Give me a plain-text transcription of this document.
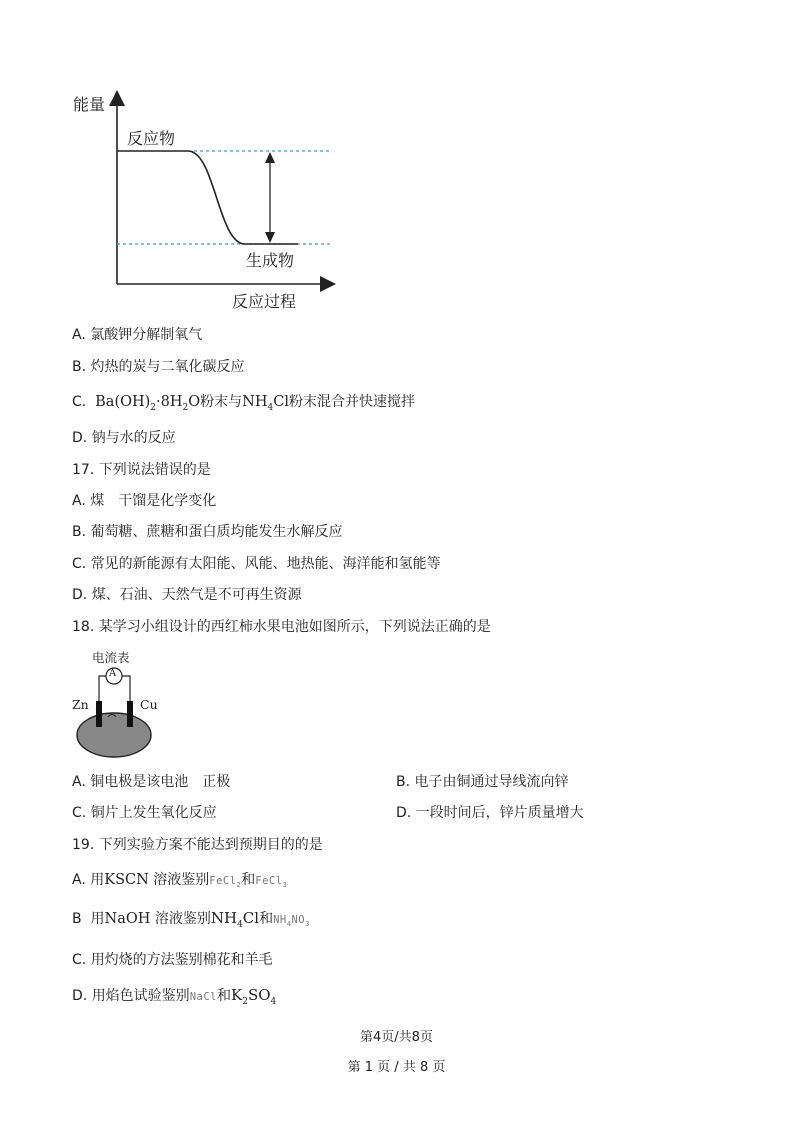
能量
反应物
生成物
反应过程
A. 氯酸钾分解制氧气
B. 灼热的炭与二氧化碳反应
C. $Ba(OH)_2\cdot 8H_2O$粉末与$NH_4Cl$粉末混合并快速搅拌
D. 钠与水的反应
17. 下列说法错误的是
A. 煤　干馏是化学变化
B. 葡萄糖、蔗糖和蛋白质均能发生水解反应
C. 常见的新能源有太阳能、风能、地热能、海洋能和氢能等
D. 煤、石油、天然气是不可再生资源
18. 某学习小组设计的西红柿水果电池如图所示，下列说法正确的是
电流表
A
Zn	Cu
A. 铜电极是该电池　正极	B. 电子由铜通过导线流向锌
C. 铜片上发生氧化反应	D. 一段时间后，锌片质量增大
19. 下列实验方案不能达到预期目的的是
A. 用KSCN 溶液鉴别FeCl$_2$和FeCl$_3$
B 用NaOH 溶液鉴别$NH_4Cl$和$NH_4NO_3$
C. 用灼烧的方法鉴别棉花和羊毛
D. 用焰色试验鉴别NaCl和$K_2SO_4$
第4页/共8页
第 1 页 / 共 8 页
